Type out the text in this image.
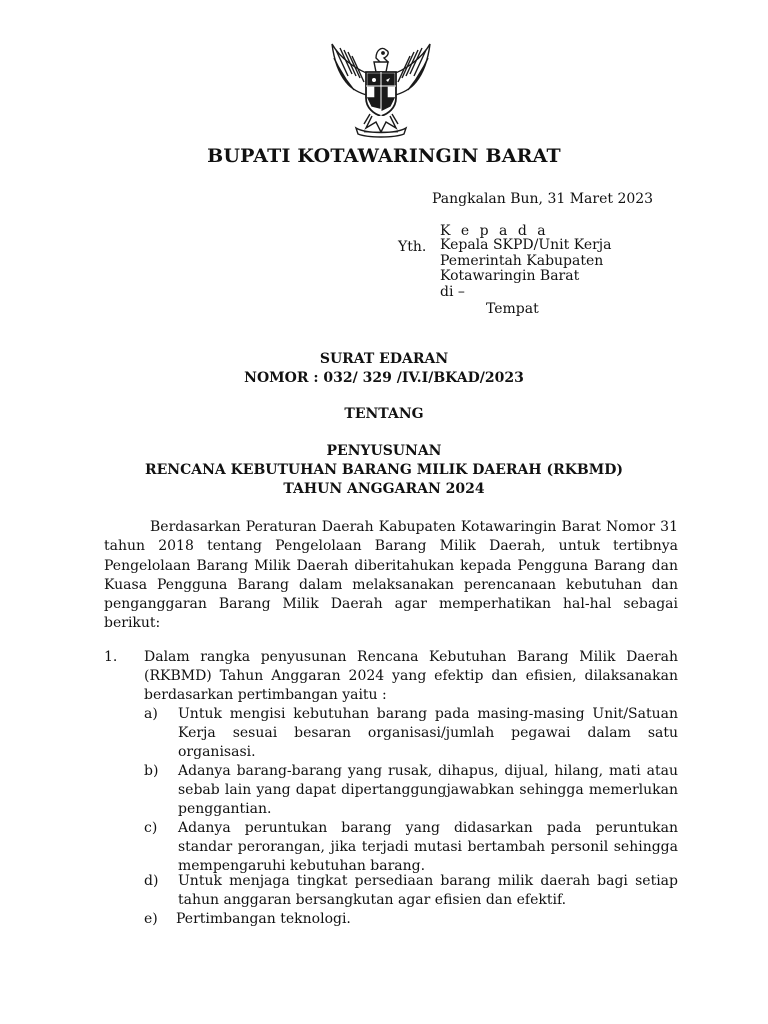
BUPATI KOTAWARINGIN BARAT
Pangkalan Bun, 31 Maret 2023
K e p a d a
Yth. Kepala SKPD/Unit Kerja
Pemerintah Kabupaten
Kotawaringin Barat
di –
Tempat
SURAT EDARAN
NOMOR : 032/ 329 /IV.I/BKAD/2023
TENTANG
PENYUSUNAN
RENCANA KEBUTUHAN BARANG MILIK DAERAH (RKBMD)
TAHUN ANGGARAN 2024
Berdasarkan Peraturan Daerah Kabupaten Kotawaringin Barat Nomor 31 tahun 2018 tentang Pengelolaan Barang Milik Daerah, untuk tertibnya Pengelolaan Barang Milik Daerah diberitahukan kepada Pengguna Barang dan Kuasa Pengguna Barang dalam melaksanakan perencanaan kebutuhan dan penganggaran Barang Milik Daerah agar memperhatikan hal-hal sebagai berikut:
1. Dalam rangka penyusunan Rencana Kebutuhan Barang Milik Daerah (RKBMD) Tahun Anggaran 2024 yang efektip dan efisien, dilaksanakan berdasarkan pertimbangan yaitu :
a) Untuk mengisi kebutuhan barang pada masing-masing Unit/Satuan Kerja sesuai besaran organisasi/jumlah pegawai dalam satu organisasi.
b) Adanya barang-barang yang rusak, dihapus, dijual, hilang, mati atau sebab lain yang dapat dipertanggungjawabkan sehingga memerlukan penggantian.
c) Adanya peruntukan barang yang didasarkan pada peruntukan standar perorangan, jika terjadi mutasi bertambah personil sehingga mempengaruhi kebutuhan barang.
d) Untuk menjaga tingkat persediaan barang milik daerah bagi setiap tahun anggaran bersangkutan agar efisien dan efektif.
e) Pertimbangan teknologi.
